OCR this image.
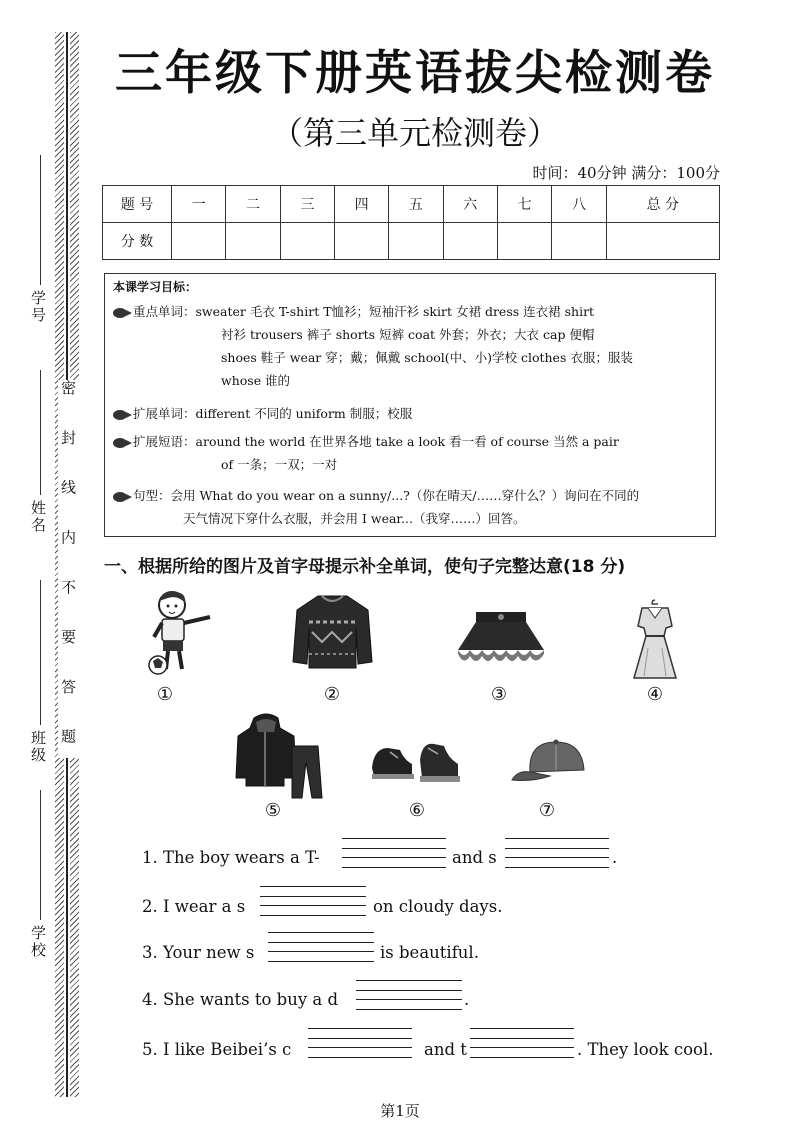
学号
姓名
班级
学校
密 封 线 内 不 要 答 题
三年级下册英语拔尖检测卷
（第三单元检测卷）
时间：40分钟 满分：100分
题 号	一	二	三	四	五	六	七	八	总 分
分 数									
本课学习目标：
重点单词：sweater 毛衣 T-shirt T恤衫；短袖汗衫 skirt 女裙 dress 连衣裙 shirt
衬衫 trousers 裤子 shorts 短裤 coat 外套；外衣；大衣 cap 便帽
shoes 鞋子 wear 穿；戴；佩戴 school(中、小)学校 clothes 衣服；服装
whose 谁的
扩展单词：different 不同的 uniform 制服；校服
扩展短语：around the world 在世界各地 take a look 看一看 of course 当然 a pair
of 一条；一双；一对
句型：会用 What do you wear on a sunny/...?（你在晴天/……穿什么？）询问在不同的
天气情况下穿什么衣服，并会用 I wear...（我穿……）回答。
一、根据所给的图片及首字母提示补全单词，使句子完整达意(18 分)
①	②	③	④
⑤	⑥	⑦
1. The boy wears a T-	and s	.
2. I wear a s	on cloudy days.
3. Your new s	is beautiful.
4. She wants to buy a d	.
5. I like Beibei’s c	and t	. They look cool.
第1页
